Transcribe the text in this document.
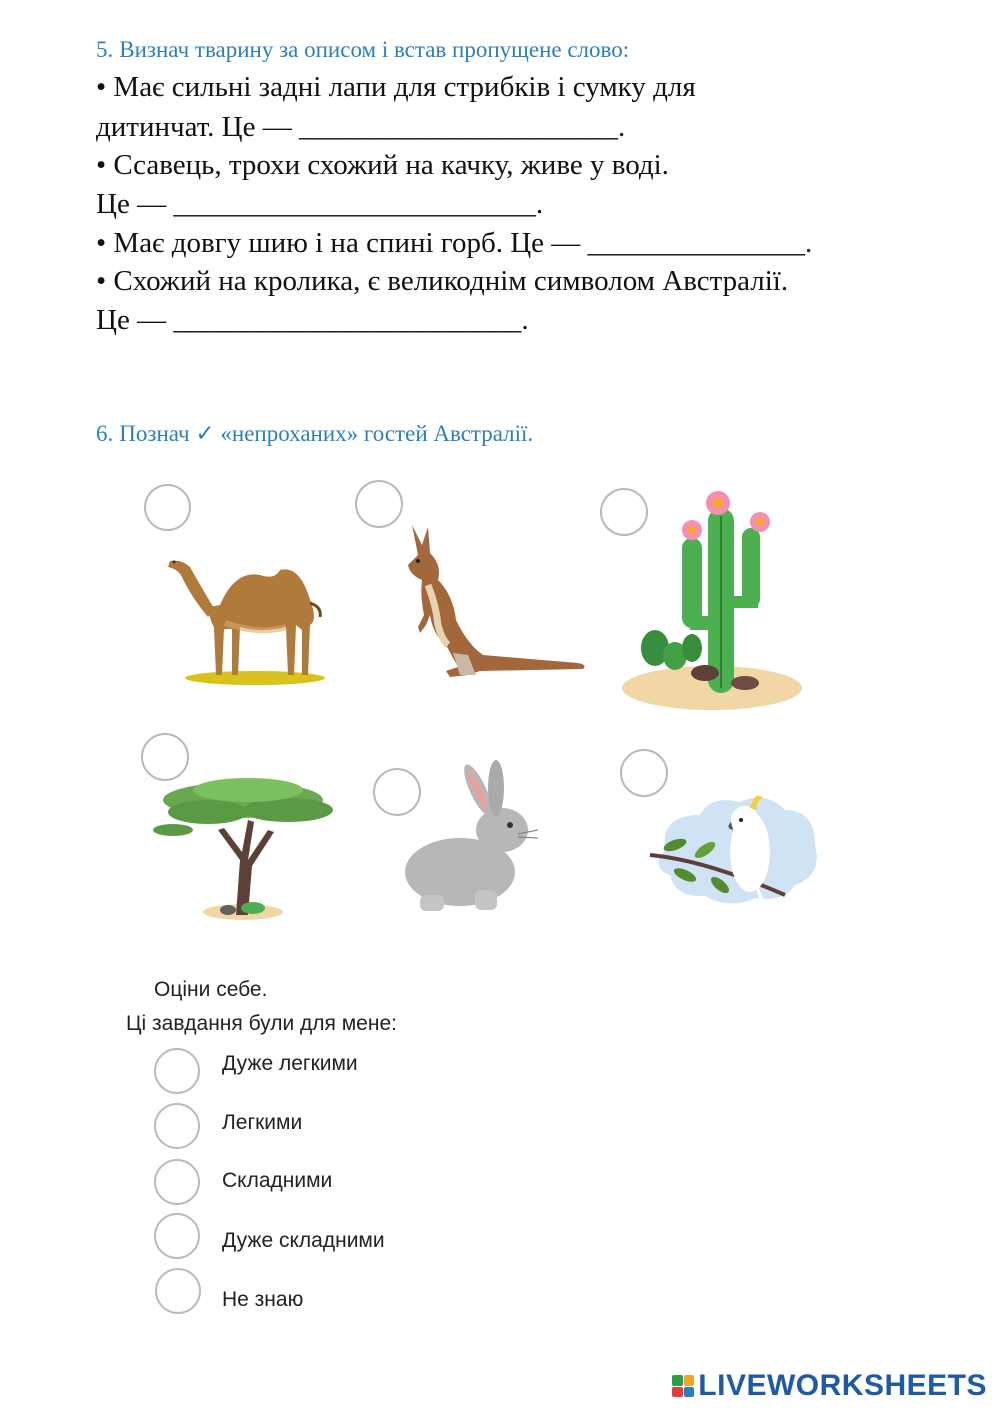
5. Визнач тварину за описом і встав пропущене слово:
• Має сильні задні лапи для стрибків і сумку для
дитинчат. Це — ______________________.
• Ссавець, трохи схожий на качку, живе у воді.
Це — _________________________.
• Має довгу шию і на спині горб. Це — _______________.
• Схожий на кролика, є великоднім символом Австралії.
Це — ________________________.
6. Познач ✓ «непроханих» гостей Австралії.
Оціни себе.
Ці завдання були для мене:
Дуже легкими
Легкими
Складними
Дуже складними
Не знаю
LIVEWORKSHEETS
